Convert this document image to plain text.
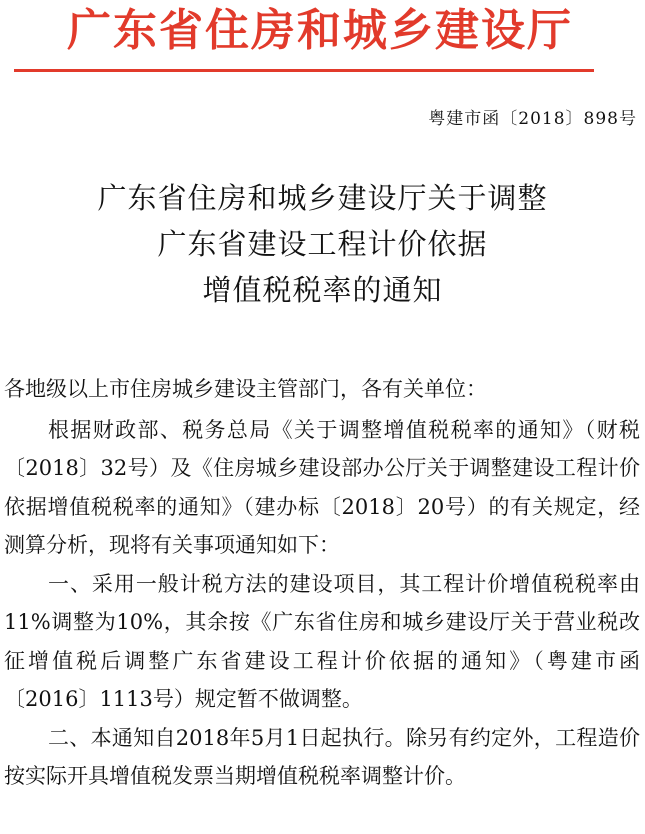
广东省住房和城乡建设厅
粤建市函〔2018〕898号
广东省住房和城乡建设厅关于调整
广东省建设工程计价依据
增值税税率的通知

各地级以上市住房城乡建设主管部门，各有关单位：

根据财政部、税务总局《关于调整增值税税率的通知》（财税〔2018〕32号）及《住房城乡建设部办公厅关于调整建设工程计价依据增值税税率的通知》（建办标〔2018〕20号）的有关规定，经测算分析，现将有关事项通知如下：

一、采用一般计税方法的建设项目，其工程计价增值税税率由11%调整为10%，其余按《广东省住房和城乡建设厅关于营业税改征增值税后调整广东省建设工程计价依据的通知》（粤建市函〔2016〕1113号）规定暂不做调整。

二、本通知自2018年5月1日起执行。除另有约定外，工程造价按实际开具增值税发票当期增值税税率调整计价。
